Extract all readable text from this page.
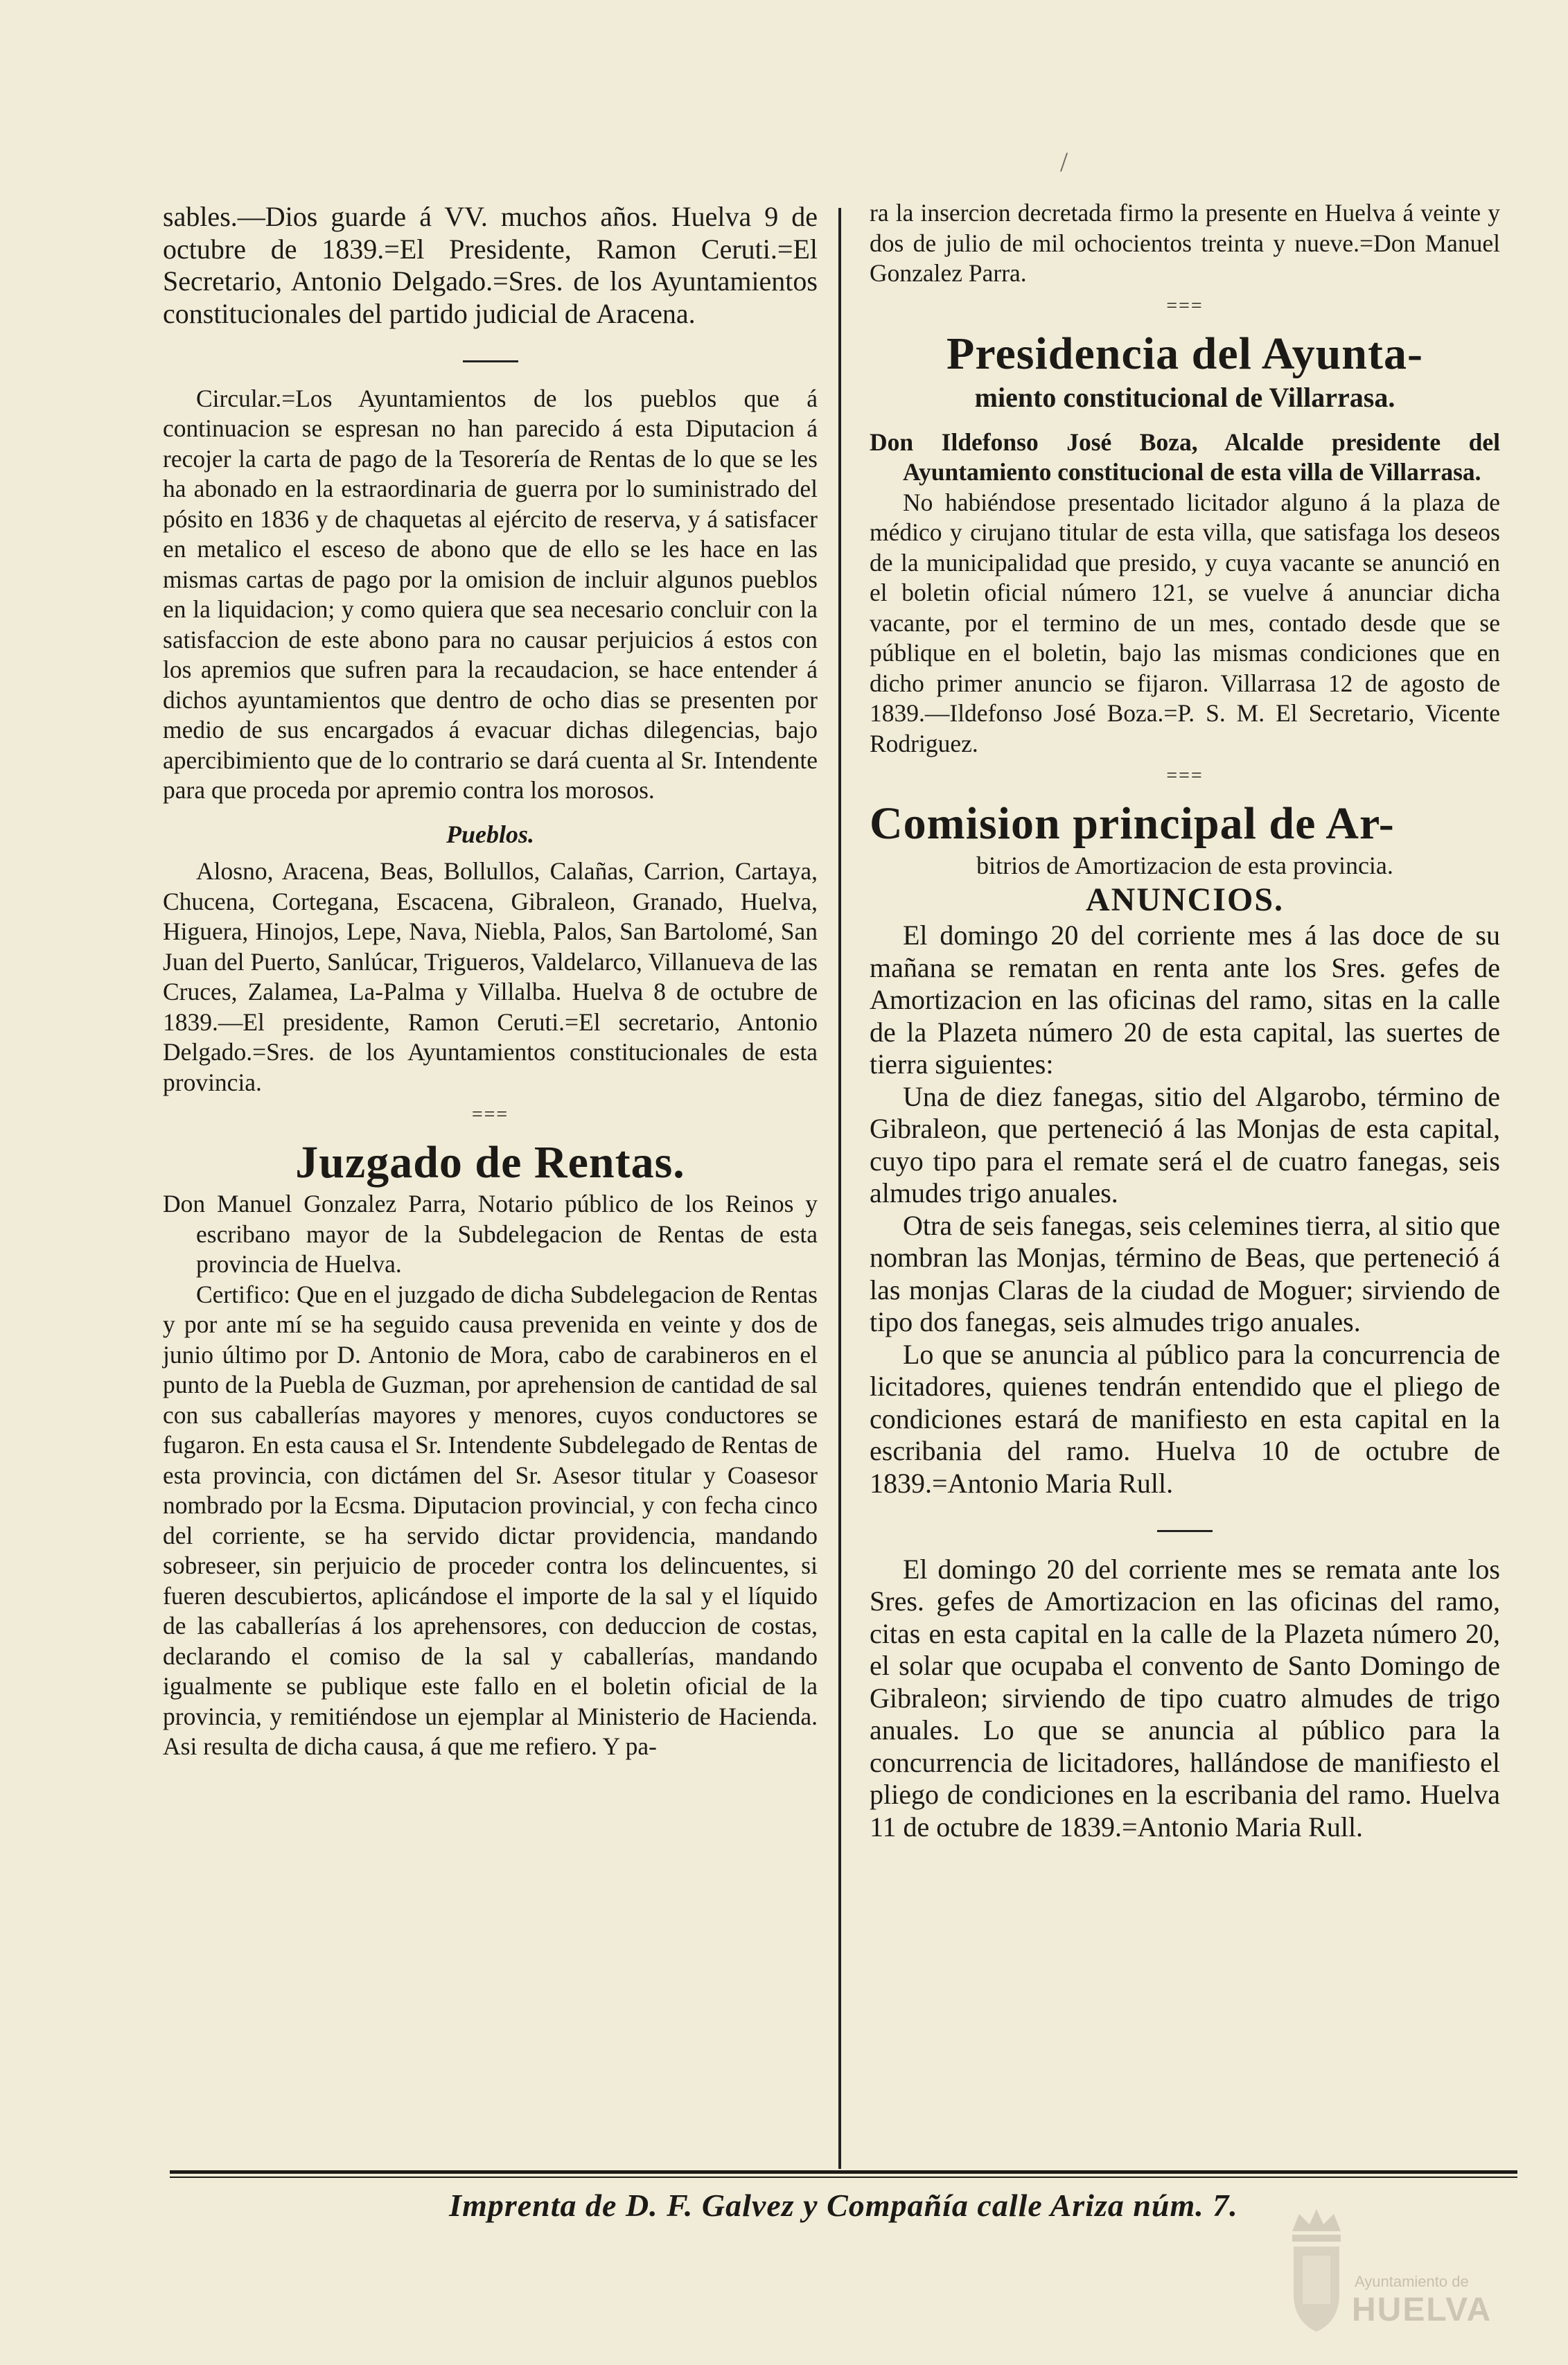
/

sables.—Dios guarde á VV. muchos años. Huelva 9 de octubre de 1839.=El Presidente, Ramon Ceruti.=El Secretario, Antonio Delgado.=Sres. de los Ayuntamientos constitucionales del partido judicial de Aracena.

Circular.=Los Ayuntamientos de los pueblos que á continuacion se espresan no han parecido á esta Diputacion á recojer la carta de pago de la Tesorería de Rentas de lo que se les ha abonado en la estraordinaria de guerra por lo suministrado del pósito en 1836 y de chaquetas al ejército de reserva, y á satisfacer en metalico el esceso de abono que de ello se les hace en las mismas cartas de pago por la omision de incluir algunos pueblos en la liquidacion; y como quiera que sea necesario concluir con la satisfaccion de este abono para no causar perjuicios á estos con los apremios que sufren para la recaudacion, se hace entender á dichos ayuntamientos que dentro de ocho dias se presenten por medio de sus encargados á evacuar dichas dilegencias, bajo apercibimiento que de lo contrario se dará cuenta al Sr. Intendente para que proceda por apremio contra los morosos.

Pueblos.

Alosno, Aracena, Beas, Bollullos, Calañas, Carrion, Cartaya, Chucena, Cortegana, Escacena, Gibraleon, Granado, Huelva, Higuera, Hinojos, Lepe, Nava, Niebla, Palos, San Bartolomé, San Juan del Puerto, Sanlúcar, Trigueros, Valdelarco, Villanueva de las Cruces, Zalamea, La-Palma y Villalba. Huelva 8 de octubre de 1839.—El presidente, Ramon Ceruti.=El secretario, Antonio Delgado.=Sres. de los Ayuntamientos constitucionales de esta provincia.

===
Juzgado de Rentas.

Don Manuel Gonzalez Parra, Notario público de los Reinos y escribano mayor de la Subdelegacion de Rentas de esta provincia de Huelva.

Certifico: Que en el juzgado de dicha Subdelegacion de Rentas y por ante mí se ha seguido causa prevenida en veinte y dos de junio último por D. Antonio de Mora, cabo de carabineros en el punto de la Puebla de Guzman, por aprehension de cantidad de sal con sus caballerías mayores y menores, cuyos conductores se fugaron. En esta causa el Sr. Intendente Subdelegado de Rentas de esta provincia, con dictámen del Sr. Asesor titular y Coasesor nombrado por la Ecsma. Diputacion provincial, y con fecha cinco del corriente, se ha servido dictar providencia, mandando sobreseer, sin perjuicio de proceder contra los delincuentes, si fueren descubiertos, aplicándose el importe de la sal y el líquido de las caballerías á los aprehensores, con deduccion de costas, declarando el comiso de la sal y caballerías, mandando igualmente se publique este fallo en el boletin oficial de la provincia, y remitiéndose un ejemplar al Ministerio de Hacienda. Asi resulta de dicha causa, á que me refiero. Y pa-

ra la insercion decretada firmo la presente en Huelva á veinte y dos de julio de mil ochocientos treinta y nueve.=Don Manuel Gonzalez Parra.

===
Presidencia del Ayunta-
miento constitucional de Villarrasa.

Don Ildefonso José Boza, Alcalde presidente del Ayuntamiento constitucional de esta villa de Villarrasa.

No habiéndose presentado licitador alguno á la plaza de médico y cirujano titular de esta villa, que satisfaga los deseos de la municipalidad que presido, y cuya vacante se anunció en el boletin oficial número 121, se vuelve á anunciar dicha vacante, por el termino de un mes, contado desde que se públique en el boletin, bajo las mismas condiciones que en dicho primer anuncio se fijaron. Villarrasa 12 de agosto de 1839.—Ildefonso José Boza.=P. S. M. El Secretario, Vicente Rodriguez.

===
Comision principal de Ar-
bitrios de Amortizacion de esta provincia.
ANUNCIOS.

El domingo 20 del corriente mes á las doce de su mañana se rematan en renta ante los Sres. gefes de Amortizacion en las oficinas del ramo, sitas en la calle de la Plazeta número 20 de esta capital, las suertes de tierra siguientes:

Una de diez fanegas, sitio del Algarobo, término de Gibraleon, que perteneció á las Monjas de esta capital, cuyo tipo para el remate será el de cuatro fanegas, seis almudes trigo anuales.

Otra de seis fanegas, seis celemines tierra, al sitio que nombran las Monjas, término de Beas, que perteneció á las monjas Claras de la ciudad de Moguer; sirviendo de tipo dos fanegas, seis almudes trigo anuales.

Lo que se anuncia al público para la concurrencia de licitadores, quienes tendrán entendido que el pliego de condiciones estará de manifiesto en esta capital en la escribania del ramo. Huelva 10 de octubre de 1839.=Antonio Maria Rull.

El domingo 20 del corriente mes se remata ante los Sres. gefes de Amortizacion en las oficinas del ramo, citas en esta capital en la calle de la Plazeta número 20, el solar que ocupaba el convento de Santo Domingo de Gibraleon; sirviendo de tipo cuatro almudes de trigo anuales. Lo que se anuncia al público para la concurrencia de licitadores, hallándose de manifiesto el pliego de condiciones en la escribania del ramo. Huelva 11 de octubre de 1839.=Antonio Maria Rull.

Imprenta de D. F. Galvez y Compañía calle Ariza núm. 7.
Ayuntamiento de
HUELVA
